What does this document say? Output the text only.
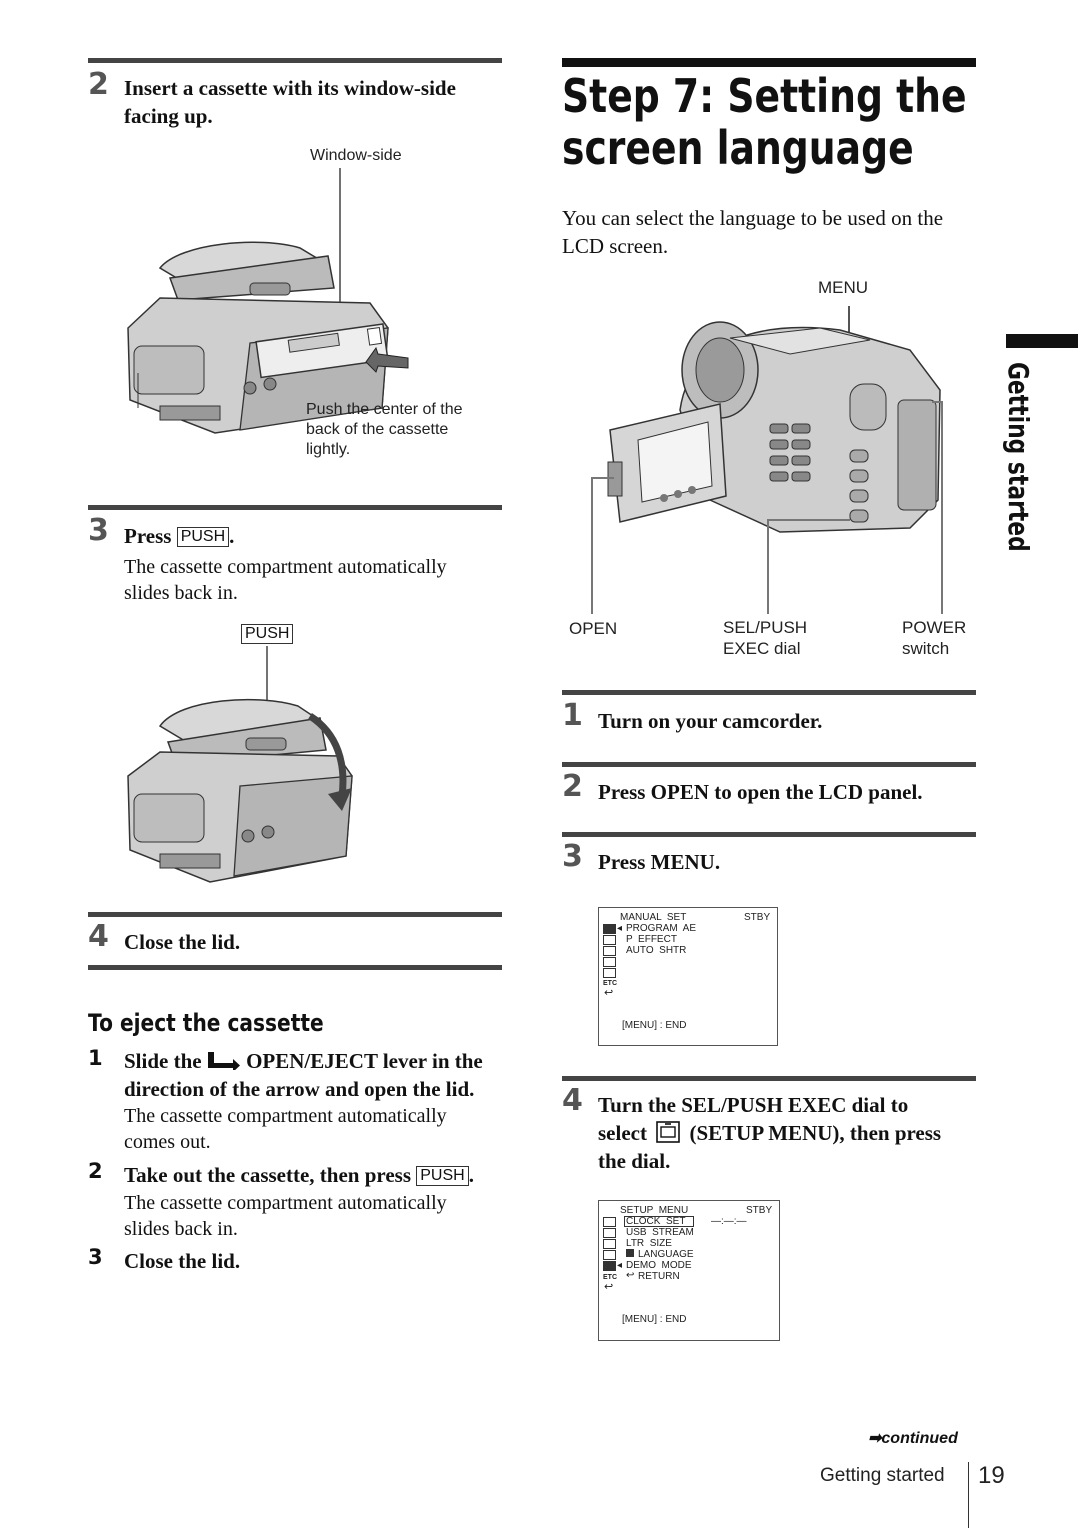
2 Insert a cassette with its window-side
facing up.
Window-side
Push the center of the
back of the cassette
lightly.
3 Press PUSH .
The cassette compartment automatically
slides back in.
PUSH
4 Close the lid.
To eject the cassette
1 Slide the OPEN/EJECT lever in the
direction of the arrow and open the lid.
The cassette compartment automatically
comes out.
2 Take out the cassette, then press PUSH .
The cassette compartment automatically
slides back in.
3 Close the lid.
Step 7: Setting the
screen language
You can select the language to be used on the
LCD screen.
MENU
OPEN	SEL/PUSH
EXEC dial
POWER
switch
1 Turn on your camcorder.
2 Press OPEN to open the LCD panel.
3 Press MENU.
MANUAL  SET	STBY
◂
ETC
↩
PROGRAM  AE
P  EFFECT
AUTO  SHTR
[MENU] : END
4 Turn the SEL/PUSH EXEC dial to
select (SETUP MENU), then press
the dial.
SETUP  MENU	STBY
◂
ETC
↩
CLOCK  SET	—:—:—
USB  STREAM
LTR  SIZE
LANGUAGE
DEMO  MODE
↩ RETURN
[MENU] : END
Getting started
➡continued
Getting started 19
